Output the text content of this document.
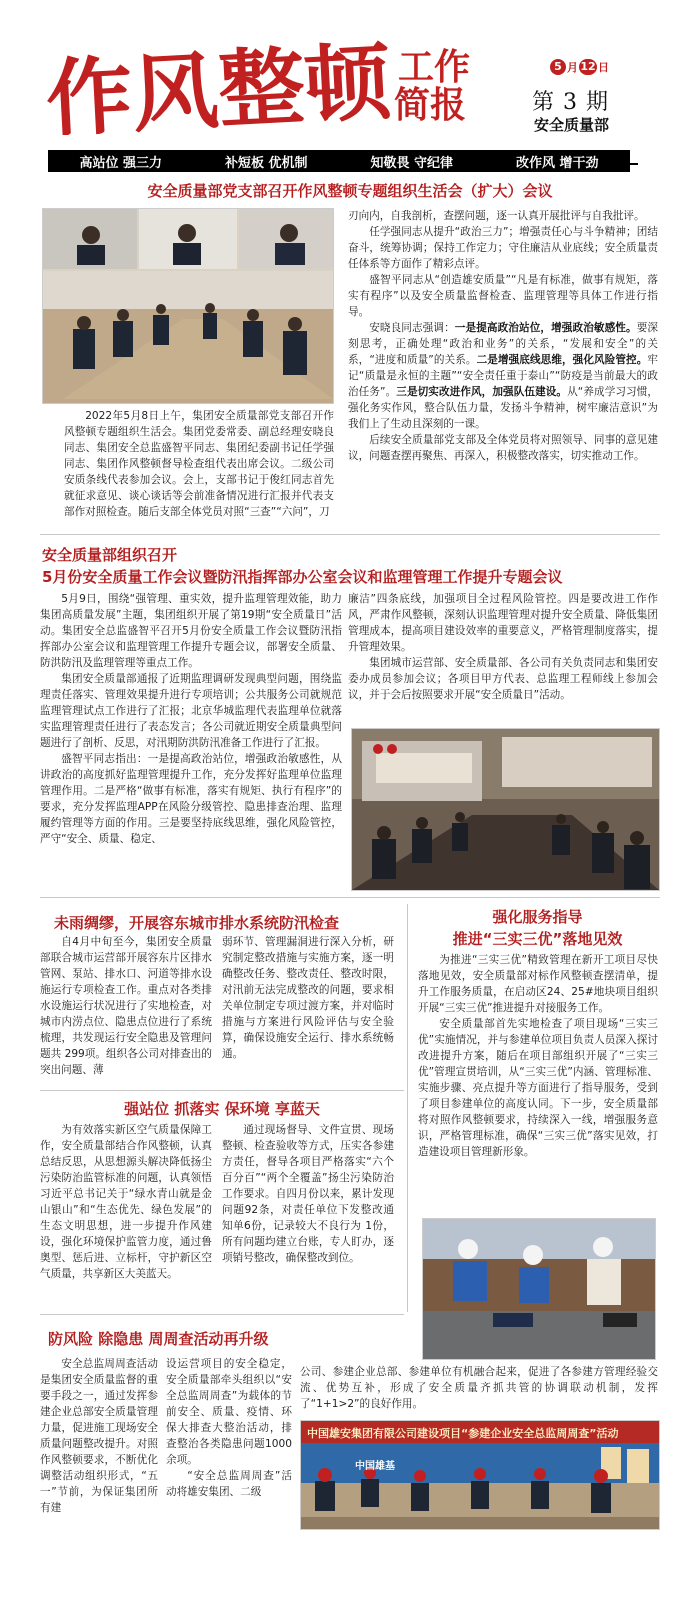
作风整顿 工作
简报
5 月 12 日
第 3 期
安全质量部
高站位 强三力	补短板 优机制	知敬畏 守纪律	改作风 增干劲
安全质量部党支部召开作风整顿专题组织生活会（扩大）会议

2022年5月8日上午，集团安全质量部党支部召开作风整顿专题组织生活会。集团党委常委、副总经理安晓良同志、集团安全总监盛智平同志、集团纪委副书记任学强同志、集团作风整顿督导检查组代表出席会议。二级公司安质条线代表参加会议。会上，支部书记于俊红同志首先就征求意见、谈心谈话等会前准备情况进行汇报并代表支部作对照检查。随后支部全体党员对照“三查”“六问”，刀

刃向内，自我剖析，查摆问题，逐一认真开展批评与自我批评。

任学强同志从提升“政治三力”；增强责任心与斗争精神；团结奋斗，统筹协调；保持工作定力；守住廉洁从业底线；安全质量责任体系等方面作了精彩点评。

盛智平同志从“创造雄安质量”“凡是有标准，做事有规矩，落实有程序”以及安全质量监督检查、监理管理等具体工作进行指导。

安晓良同志强调：一是提高政治站位，增强政治敏感性。要深刻思考，正确处理“政治和业务”的关系，“发展和安全”的关系，“进度和质量”的关系。二是增强底线思维，强化风险管控。牢记“质量是永恒的主题”“安全责任重于泰山”“防疫是当前最大的政治任务”。三是切实改进作风，加强队伍建设。从“养成学习习惯，强化务实作风，整合队伍力量，发扬斗争精神，树牢廉洁意识”为我们上了生动且深刻的一课。

后续安全质量部党支部及全体党员将对照领导、同事的意见建议，问题查摆再聚焦、再深入，积极整改落实，切实推动工作。

安全质量部组织召开
5月份安全质量工作会议暨防汛指挥部办公室会议和监理管理工作提升专题会议

5月9日，围绕“强管理、重实效，提升监理管理效能，助力集团高质量发展”主题，集团组织开展了第19期“安全质量日”活动。集团安全总监盛智平召开5月份安全质量工作会议暨防汛指挥部办公室会议和监理管理工作提升专题会议，部署安全质量、防洪防汛及监理管理等重点工作。

集团安全质量部通报了近期监理调研发现典型问题，围绕监理责任落实、管理效果提升进行专项培训；公共服务公司就规范监理管理试点工作进行了汇报；北京华城监理代表监理单位就落实监理管理责任进行了表态发言；各公司就近期安全质量典型问题进行了剖析、反思，对汛期防洪防汛准备工作进行了汇报。

盛智平同志指出：一是提高政治站位，增强政治敏感性，从讲政治的高度抓好监理管理提升工作，充分发挥好监理单位监理管理作用。二是严格“做事有标准，落实有规矩、执行有程序”的要求，充分发挥监理APP在风险分级管控、隐患排查治理、监理履约管理等方面的作用。三是要坚持底线思维，强化风险管控，严守“安全、质量、稳定、

廉洁”四条底线，加强项目全过程风险管控。四是要改进工作作风，严肃作风整顿，深刻认识监理管理对提升安全质量、降低集团管理成本，提高项目建设效率的重要意义，严格管理制度落实，提升管理效果。

集团城市运营部、安全质量部、各公司有关负责同志和集团安委办成员参加会议；各项目甲方代表、总监理工程师线上参加会议，并于会后按照要求开展“安全质量日”活动。

未雨绸缪，开展容东城市排水系统防汛检查

自4月中旬至今，集团安全质量部联合城市运营部开展容东片区排水管网、泵站、排水口、河道等排水设施运行专项检查工作。重点对各类排水设施运行状况进行了实地检查，对城市内涝点位、隐患点位进行了系统梳理，共发现运行安全隐患及管理问题共 299项。组织各公司对排查出的突出问题、薄

弱环节、管理漏洞进行深入分析，研究制定整改措施与实施方案，逐一明确整改任务、整改责任、整改时限，对汛前无法完成整改的问题，要求相关单位制定专项过渡方案，并对临时措施与方案进行风险评估与安全验算，确保设施安全运行、排水系统畅通。

强站位 抓落实 保环境 享蓝天

为有效落实新区空气质量保障工作，安全质量部结合作风整顿，认真总结反思，从思想源头解决降低扬尘污染防治监管标准的问题，认真领悟习近平总书记关于“绿水青山就是金山银山”和“生态优先、绿色发展”的生态文明思想，进一步提升作风建设，强化环境保护监管力度，通过鲁奥型、惩后进、立标杆，守护新区空气质量，共享新区大美蓝天。

通过现场督导、文件宣贯、现场整顿、检查验收等方式，压实各参建方责任，督导各项目严格落实“六个百分百”“两个全覆盖”扬尘污染防治工作要求。自四月份以来，累计发现问题92条，对责任单位下发整改通知单6份，记录较大不良行为 1份，所有问题均建立台账，专人盯办，逐项销号整改，确保整改到位。

强化服务指导
推进“三实三优”落地见效

为推进“三实三优”精致管理在新开工项目尽快落地见效，安全质量部对标作风整顿查摆清单，提升工作服务质量，在启动区24、25#地块项目组织开展“三实三优”推进提升对接服务工作。

安全质量部首先实地检查了项目现场“三实三优”实施情况，并与参建单位项目负责人员深入探讨改进提升方案，随后在项目部组织开展了“三实三优”管理宣贯培训，从“三实三优”内涵、管理标准、实施步骤、亮点提升等方面进行了指导服务，受到了项目参建单位的高度认同。下一步，安全质量部将对照作风整顿要求，持续深入一线，增强服务意识，严格管理标准，确保“三实三优”落实见效，打造建设项目管理新形象。

防风险 除隐患 周周查活动再升级

安全总监周周查活动是集团安全质量监督的重要手段之一，通过发挥参建企业总部安全质量管理力量，促进施工现场安全质量问题整改提升。对照作风整顿要求，不断优化调整活动组织形式，“五一”节前，为保证集团所有建

设运营项目的安全稳定，安全质量部牵头组织以“安全总监周周查”为载体的节前安全、质量、疫情、环保大排查大整治活动，排查整治各类隐患问题1000余项。

“安全总监周周查”活动将雄安集团、二级

公司、参建企业总部、参建单位有机融合起来，促进了各参建方管理经验交流、优势互补，形成了安全质量齐抓共管的协调联动机制，发挥了“1+1>2”的良好作用。

中国雄安集团有限公司建设项目“参建企业安全总监周周查”活动
中国雄基
